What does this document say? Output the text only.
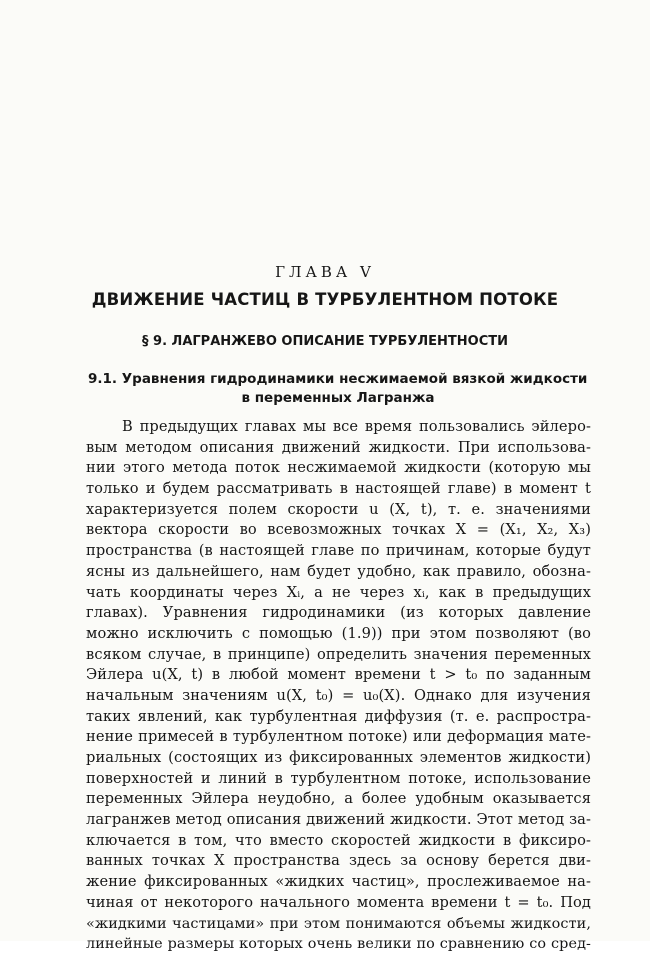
ГЛАВА V

ДВИЖЕНИЕ ЧАСТИЦ В ТУРБУЛЕНТНОМ ПОТОКЕ
§ 9. ЛАГРАНЖЕВО ОПИСАНИЕ ТУРБУЛЕНТНОСТИ
9.1. Уравнения гидродинамики несжимаемой вязкой жидкости
в переменных Лагранжа
В предыдущих главах мы все время пользовались эйлеро-
вым методом описания движений жидкости. При использова-
нии этого метода поток несжимаемой жидкости (которую мы
только и будем рассматривать в настоящей главе) в момент t
характеризуется полем скорости u (X, t), т. е. значениями
вектора скорости во всевозможных точках X = (X₁, X₂, X₃)
пространства (в настоящей главе по причинам, которые будут
ясны из дальнейшего, нам будет удобно, как правило, обозна-
чать координаты через Xᵢ, а не через xᵢ, как в предыдущих
главах). Уравнения гидродинамики (из которых давление
можно исключить с помощью (1.9)) при этом позволяют (во
всяком случае, в принципе) определить значения переменных
Эйлера u(X, t) в любой момент времени t > t₀ по заданным
начальным значениям u(X, t₀) = u₀(X). Однако для изучения
таких явлений, как турбулентная диффузия (т. е. распростра-
нение примесей в турбулентном потоке) или деформация мате-
риальных (состоящих из фиксированных элементов жидкости)
поверхностей и линий в турбулентном потоке, использование
переменных Эйлера неудобно, а более удобным оказывается
лагранжев метод описания движений жидкости. Этот метод за-
ключается в том, что вместо скоростей жидкости в фиксиро-
ванных точках X пространства здесь за основу берется дви-
жение фиксированных «жидких частиц», прослеживаемое на-
чиная от некоторого начального момента времени t = t₀. Под
«жидкими частицами» при этом понимаются объемы жидкости,
линейные размеры которых очень велики по сравнению со сред-
